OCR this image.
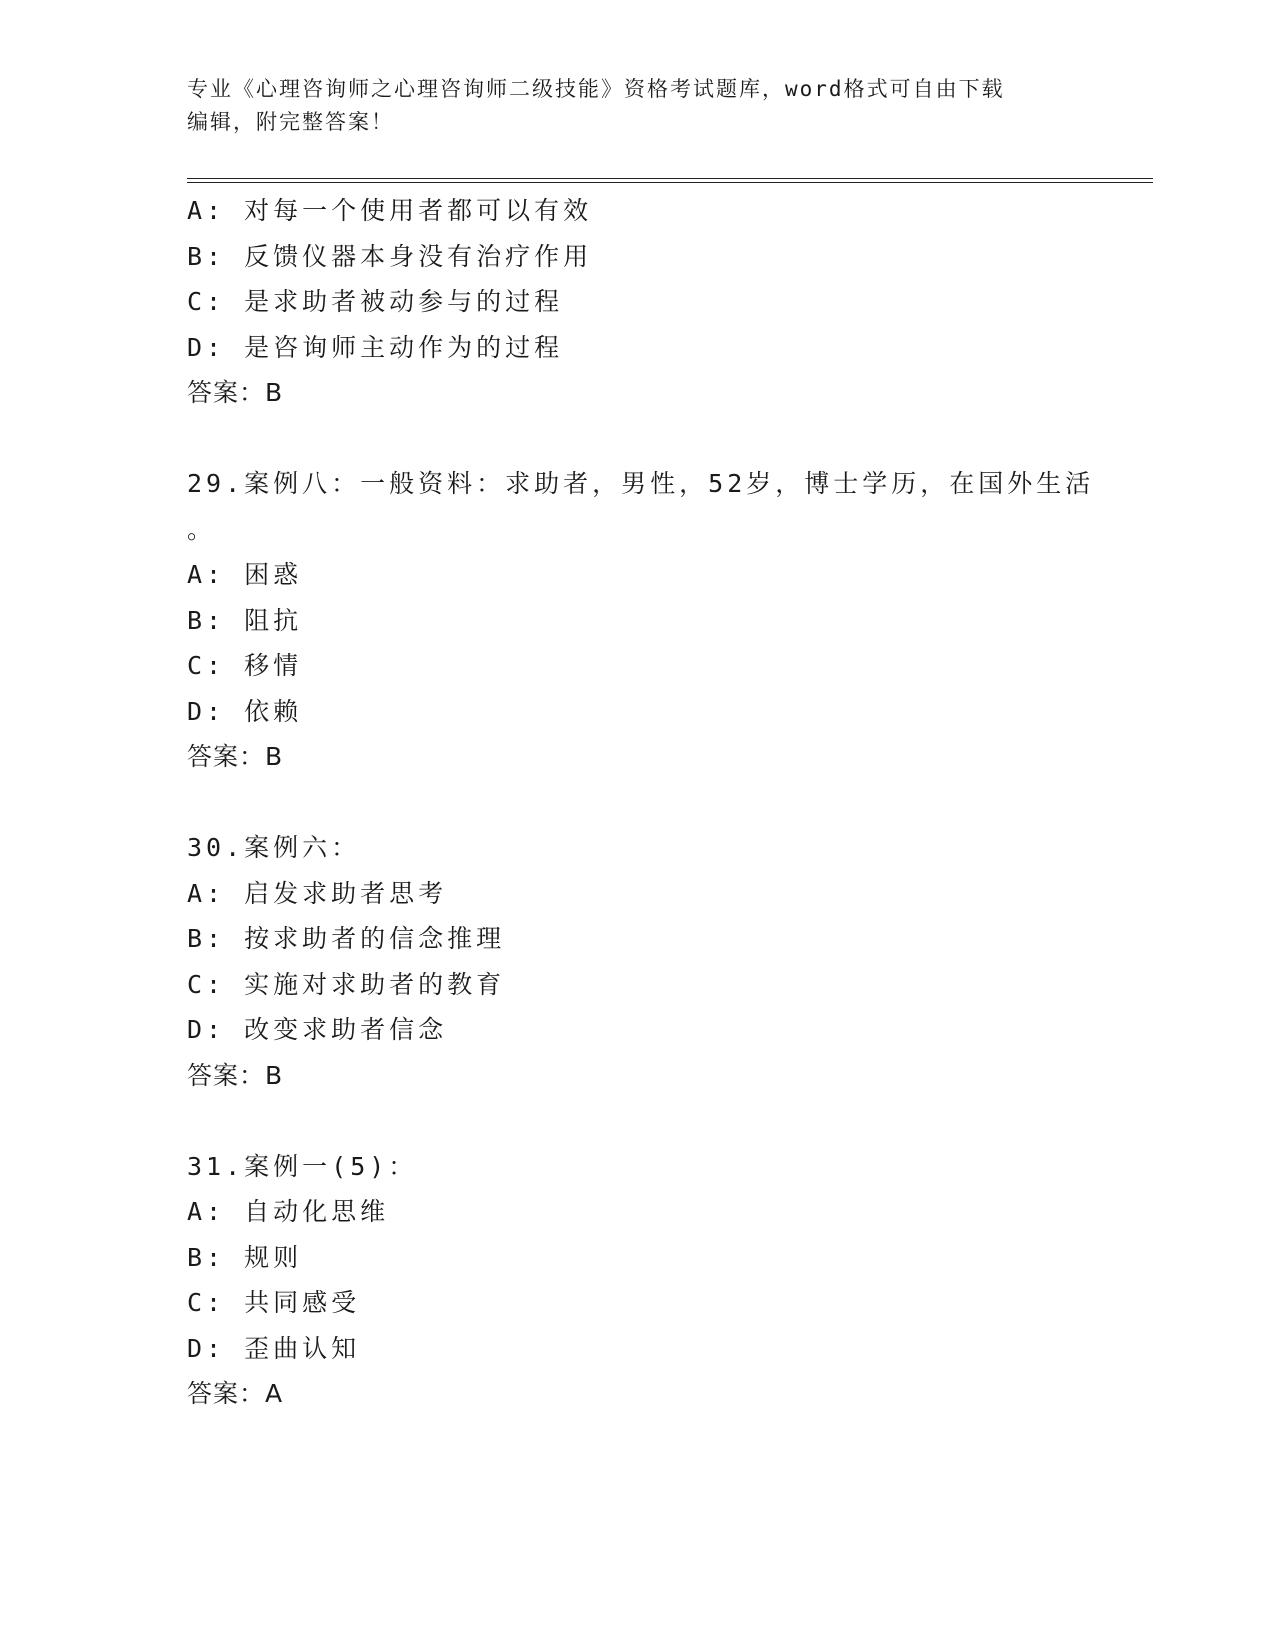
专业《心理咨询师之心理咨询师二级技能》资格考试题库，word格式可自由下载
编辑，附完整答案！
A: 对每一个使用者都可以有效
B: 反馈仪器本身没有治疗作用
C: 是求助者被动参与的过程
D: 是咨询师主动作为的过程
答案：B
29.案例八：一般资料：求助者，男性，52岁，博士学历，在国外生活
。
A: 困惑
B: 阻抗
C: 移情
D: 依赖
答案：B
30.案例六：
A: 启发求助者思考
B: 按求助者的信念推理
C: 实施对求助者的教育
D: 改变求助者信念
答案：B
31.案例一(5)：
A: 自动化思维
B: 规则
C: 共同感受
D: 歪曲认知
答案：A
